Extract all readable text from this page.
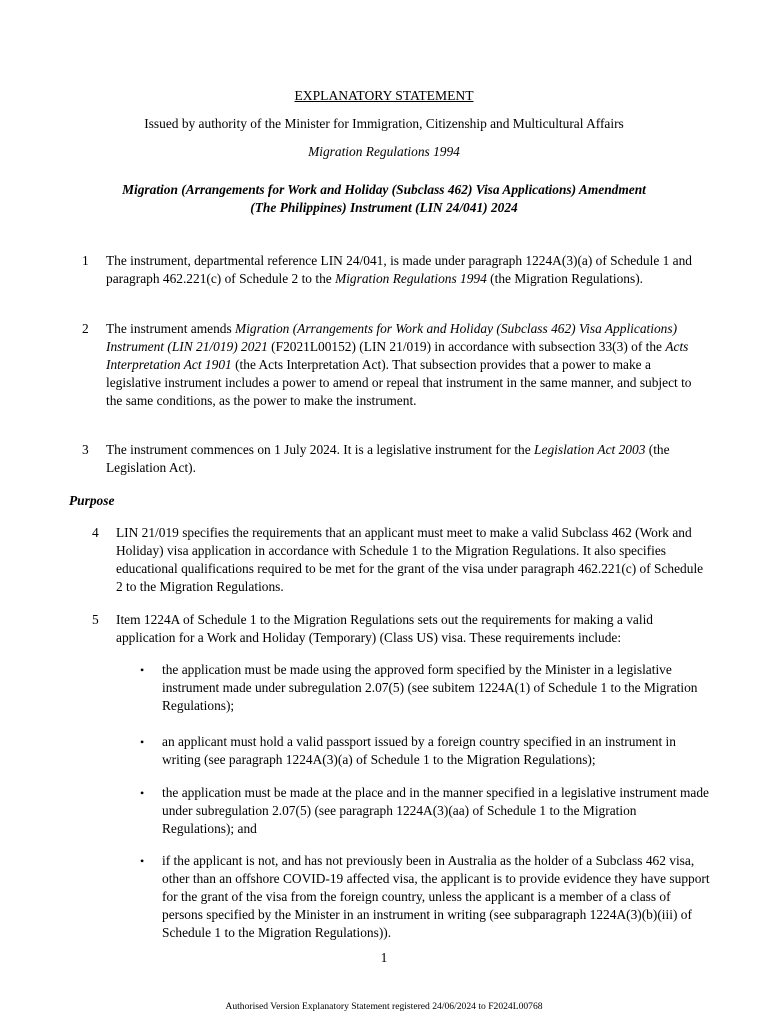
EXPLANATORY STATEMENT
Issued by authority of the Minister for Immigration, Citizenship and Multicultural Affairs
Migration Regulations 1994
Migration (Arrangements for Work and Holiday (Subclass 462) Visa Applications) Amendment
(The Philippines) Instrument (LIN 24/041) 2024
1 The instrument, departmental reference LIN 24/041, is made under paragraph 1224A(3)(a) of Schedule 1 and paragraph 462.221(c) of Schedule 2 to the Migration Regulations 1994 (the Migration Regulations).
2 The instrument amends Migration (Arrangements for Work and Holiday (Subclass 462) Visa Applications) Instrument (LIN 21/019) 2021 (F2021L00152) (LIN 21/019) in accordance with subsection 33(3) of the Acts Interpretation Act 1901 (the Acts Interpretation Act). That subsection provides that a power to make a legislative instrument includes a power to amend or repeal that instrument in the same manner, and subject to the same conditions, as the power to make the instrument.
3 The instrument commences on 1 July 2024. It is a legislative instrument for the Legislation Act 2003 (the Legislation Act).
Purpose
4 LIN 21/019 specifies the requirements that an applicant must meet to make a valid Subclass 462 (Work and Holiday) visa application in accordance with Schedule 1 to the Migration Regulations. It also specifies educational qualifications required to be met for the grant of the visa under paragraph 462.221(c) of Schedule 2 to the Migration Regulations.
5 Item 1224A of Schedule 1 to the Migration Regulations sets out the requirements for making a valid application for a Work and Holiday (Temporary) (Class US) visa. These requirements include:
• the application must be made using the approved form specified by the Minister in a legislative instrument made under subregulation 2.07(5) (see subitem 1224A(1) of Schedule 1 to the Migration Regulations);
• an applicant must hold a valid passport issued by a foreign country specified in an instrument in writing (see paragraph 1224A(3)(a) of Schedule 1 to the Migration Regulations);
• the application must be made at the place and in the manner specified in a legislative instrument made under subregulation 2.07(5) (see paragraph 1224A(3)(aa) of Schedule 1 to the Migration Regulations); and
• if the applicant is not, and has not previously been in Australia as the holder of a Subclass 462 visa, other than an offshore COVID-19 affected visa, the applicant is to provide evidence they have support for the grant of the visa from the foreign country, unless the applicant is a member of a class of persons specified by the Minister in an instrument in writing (see subparagraph 1224A(3)(b)(iii) of Schedule 1 to the Migration Regulations)).
1
Authorised Version Explanatory Statement registered 24/06/2024 to F2024L00768
